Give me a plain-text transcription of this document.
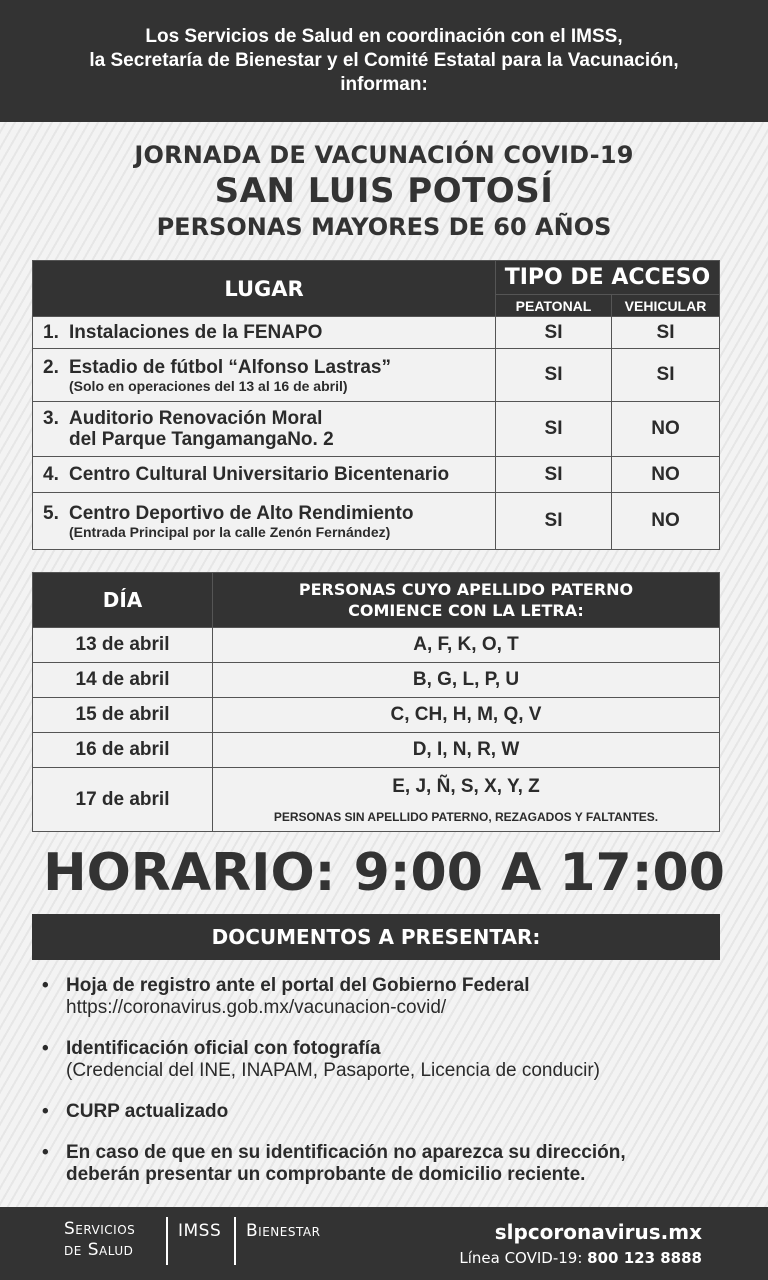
Los Servicios de Salud en coordinación con el IMSS,
la Secretaría de Bienestar y el Comité Estatal para la Vacunación,
informan:
JORNADA DE VACUNACIÓN COVID-19
SAN LUIS POTOSÍ
PERSONAS MAYORES DE 60 AÑOS
LUGAR	TIPO DE ACCESO	
	PEATONAL	VEHICULAR
1. Instalaciones de la FENAPO	SI	SI
2. Estadio de fútbol “Alfonso Lastras”
(Solo en operaciones del 13 al 16 de abril)	SI	SI
3. Auditorio Renovación Moral
del Parque TangamangaNo. 2	SI	NO
4. Centro Cultural Universitario Bicentenario	SI	NO
5. Centro Deportivo de Alto Rendimiento
(Entrada Principal por la calle Zenón Fernández)	SI	NO
DÍA	PERSONAS CUYO APELLIDO PATERNO
COMIENCE CON LA LETRA:
13 de abril	A, F, K, O, T
14 de abril	B, G, L, P, U
15 de abril	C, CH, H, M, Q, V
16 de abril	D, I, N, R, W
17 de abril	E, J, Ñ, S, X, Y, Z
PERSONAS SIN APELLIDO PATERNO, REZAGADOS Y FALTANTES.
HORARIO: 9:00 A 17:00
DOCUMENTOS A PRESENTAR:
• Hoja de registro ante el portal del Gobierno Federal
https://coronavirus.gob.mx/vacunacion-covid/
• Identificación oficial con fotografía
(Credencial del INE, INAPAM, Pasaporte, Licencia de conducir)
• CURP actualizado
• En caso de que en su identificación no aparezca su dirección,
deberán presentar un comprobante de domicilio reciente.
Servicios
de Salud
IMSS Bienestar	slpcoronavirus.mx
Línea COVID-19: 800 123 8888
